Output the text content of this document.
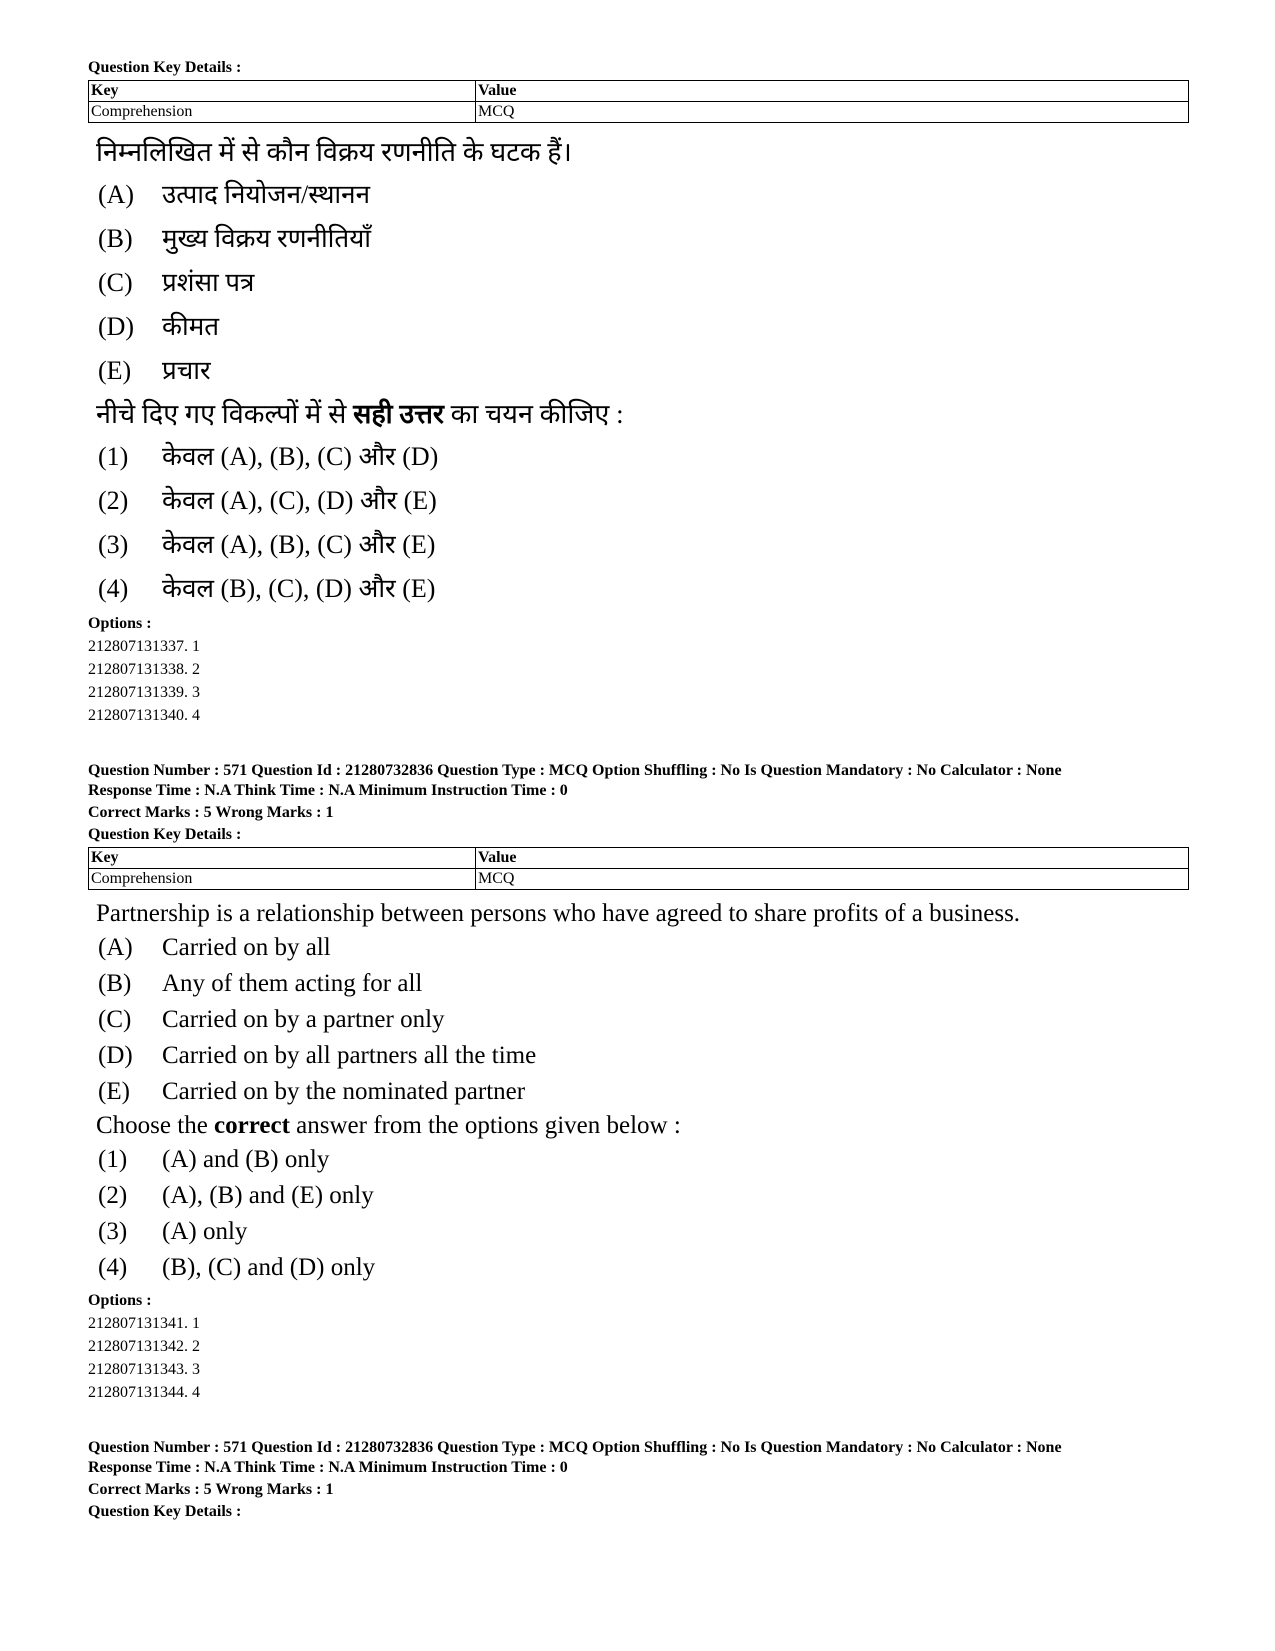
Question Key Details :
Key	Value
Comprehension	MCQ
निम्नलिखित में से कौन विक्रय रणनीति के घटक हैं।
(A)	उत्पाद नियोजन/स्थानन
(B)	मुख्य विक्रय रणनीतियाँ
(C)	प्रशंसा पत्र
(D)	कीमत
(E)	प्रचार
नीचे दिए गए विकल्पों में से सही उत्तर का चयन कीजिए :
(1)	केवल (A), (B), (C) और (D)
(2)	केवल (A), (C), (D) और (E)
(3)	केवल (A), (B), (C) और (E)
(4)	केवल (B), (C), (D) और (E)
Options :
212807131337. 1
212807131338. 2
212807131339. 3
212807131340. 4
Question Number : 571 Question Id : 21280732836 Question Type : MCQ Option Shuffling : No Is Question Mandatory : No Calculator : None
Response Time : N.A Think Time : N.A Minimum Instruction Time : 0
Correct Marks : 5 Wrong Marks : 1
Question Key Details :
Key	Value
Comprehension	MCQ
Partnership is a relationship between persons who have agreed to share profits of a business.
(A)	Carried on by all
(B)	Any of them acting for all
(C)	Carried on by a partner only
(D)	Carried on by all partners all the time
(E)	Carried on by the nominated partner
Choose the correct answer from the options given below :
(1)	(A) and (B) only
(2)	(A), (B) and (E) only
(3)	(A) only
(4)	(B), (C) and (D) only
Options :
212807131341. 1
212807131342. 2
212807131343. 3
212807131344. 4
Question Number : 571 Question Id : 21280732836 Question Type : MCQ Option Shuffling : No Is Question Mandatory : No Calculator : None
Response Time : N.A Think Time : N.A Minimum Instruction Time : 0
Correct Marks : 5 Wrong Marks : 1
Question Key Details :
